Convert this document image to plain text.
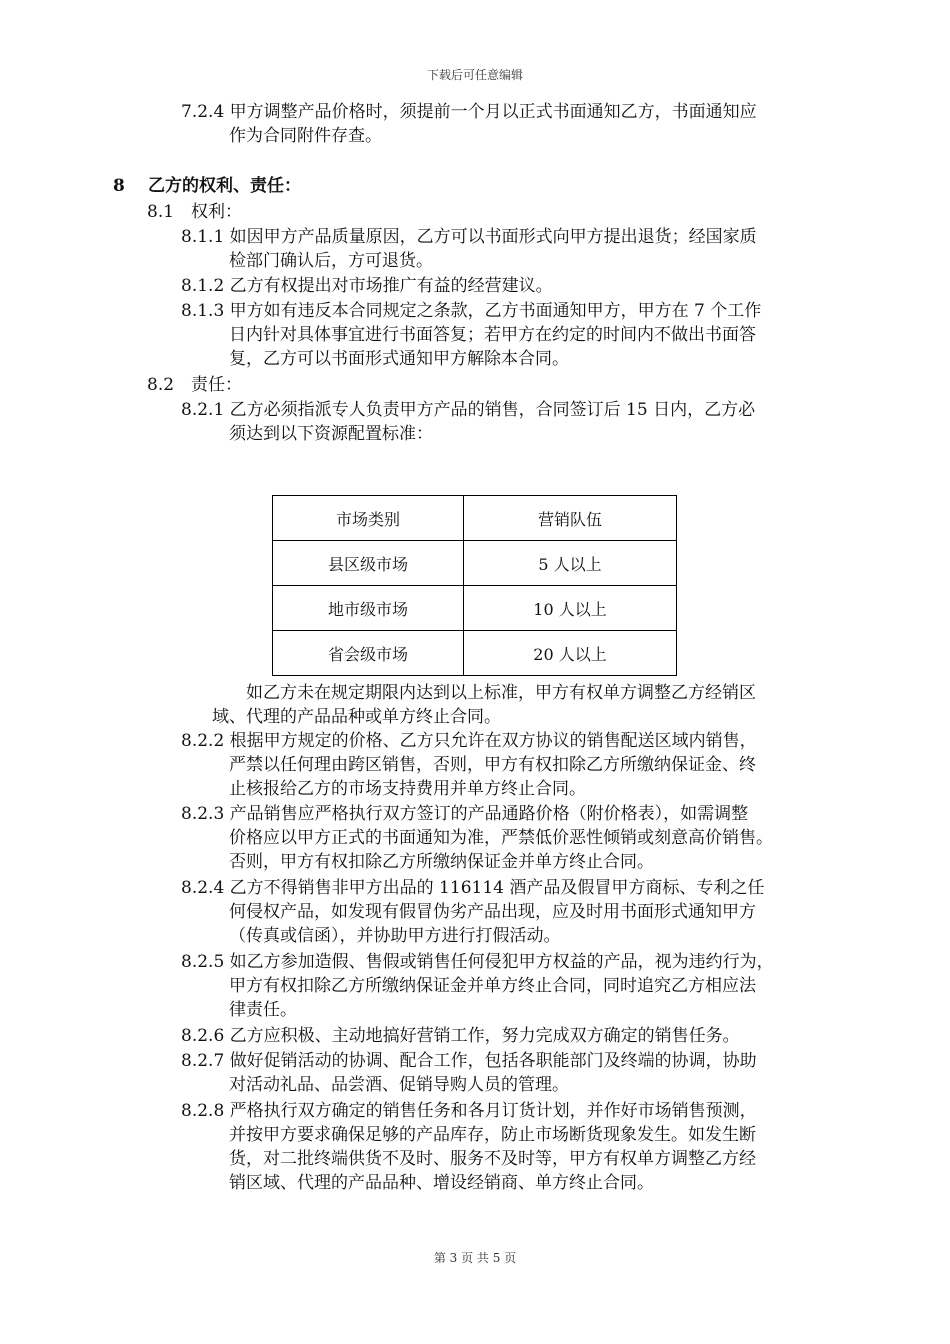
下载后可任意编辑
7.2.4 甲方调整产品价格时，须提前一个月以正式书面通知乙方，书面通知应
作为合同附件存查。
8 乙方的权利、责任：
8.1　权利：
8.1.1 如因甲方产品质量原因，乙方可以书面形式向甲方提出退货；经国家质
检部门确认后，方可退货。
8.1.2 乙方有权提出对市场推广有益的经营建议。
8.1.3 甲方如有违反本合同规定之条款，乙方书面通知甲方，甲方在 7 个工作
日内针对具体事宜进行书面答复；若甲方在约定的时间内不做出书面答
复，乙方可以书面形式通知甲方解除本合同。
8.2　责任：
8.2.1 乙方必须指派专人负责甲方产品的销售，合同签订后 15 日内，乙方必
须达到以下资源配置标准：
市场类别	营销队伍
县区级市场	5 人以上
地市级市场	10 人以上
省会级市场	20 人以上
如乙方未在规定期限内达到以上标准，甲方有权单方调整乙方经销区
域、代理的产品品种或单方终止合同。
8.2.2 根据甲方规定的价格、乙方只允许在双方协议的销售配送区域内销售，
严禁以任何理由跨区销售，否则，甲方有权扣除乙方所缴纳保证金、终
止核报给乙方的市场支持费用并单方终止合同。
8.2.3 产品销售应严格执行双方签订的产品通路价格（附价格表），如需调整
价格应以甲方正式的书面通知为准，严禁低价恶性倾销或刻意高价销售。
否则，甲方有权扣除乙方所缴纳保证金并单方终止合同。
8.2.4 乙方不得销售非甲方出品的 116114 酒产品及假冒甲方商标、专利之任
何侵权产品，如发现有假冒伪劣产品出现，应及时用书面形式通知甲方
（传真或信函），并协助甲方进行打假活动。
8.2.5 如乙方参加造假、售假或销售任何侵犯甲方权益的产品，视为违约行为，
甲方有权扣除乙方所缴纳保证金并单方终止合同，同时追究乙方相应法
律责任。
8.2.6 乙方应积极、主动地搞好营销工作，努力完成双方确定的销售任务。
8.2.7 做好促销活动的协调、配合工作，包括各职能部门及终端的协调，协助
对活动礼品、品尝酒、促销导购人员的管理。
8.2.8 严格执行双方确定的销售任务和各月订货计划，并作好市场销售预测，
并按甲方要求确保足够的产品库存，防止市场断货现象发生。如发生断
货，对二批终端供货不及时、服务不及时等，甲方有权单方调整乙方经
销区域、代理的产品品种、增设经销商、单方终止合同。
第 3 页 共 5 页
